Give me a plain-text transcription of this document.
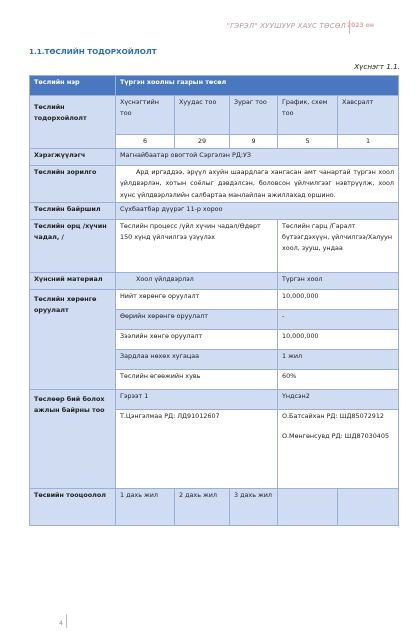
"ГЭРЭЛ" ХУУШУУР ХАУС ТӨСӨЛ 2023 он
1.1.ТӨСЛИЙН ТОДОРХОЙЛОЛТ
Хүснэгт 1.1.
Төслийн нэр	Түргэн хоолны газрын төсөл				
Төслийн тодорхойлолт	Хүснэгтийн тоо	Хуудас тоо	Зураг тоо	График, схем тоо	Хавсралт
	6	29	9	5	1
Хэрэгжүүлэгч	Магнайбаатар овогтой Сэргэлэн РД:УЗ				
Төслийн зорилго	Ард иргэддээ, эрүүл ахуйн шаардлага хангасан амт чанартай түргэн хоол үйлдвэрлэн, хотын соёлыг дэвдэлсэн, боловсон үйлчилгээг нэвтрүүлж, хоол хүнс үйлдвэрлэлийн салбартаа манлайлан ажиллахад оршино.				
Төслийн байршил	Сүхбаатбар дүүрэг 11-р хороо				
Төслийн орц /хүчин чадал, /	Төслийн процесс /үйл хүчин чадал/Өдөрт 150 хүнд үйлчилгээ үзүүлэх			Төслийн гарц /Гаралт бүтээгдэхүүн, үйлчилгээ/Халуун хоол, зууш, ундаа	
Хүнсний материал	Хоол үйлдвэрлэл			Түргэн хоол	
Төслийн хөрөнгө оруулалт	Нийт хөрөнгө оруулалт			10,000,000	
	Өөрийн хөрөнгө оруулалт			-	
	Зээлийн хөнгө оруулалт			10,000,000	
	Зардлаа нөхөх хугацаа			1 жил	
	Төслийн өгөөжийн хувь			60%	
Төслөөр бий болох ажлын байрны тоо	Гэрээт 1			Үндсэн2	
	Т.Цэнгэлмаа РД: ЛД91012607			О.Батсайхан РД: ШД85072912
О.Мөнгөнсувд РД: ШД87030405	

Төсвийн тооцоолол	1 дахь жил	2 дахь жил	3 дахь жил		
4
